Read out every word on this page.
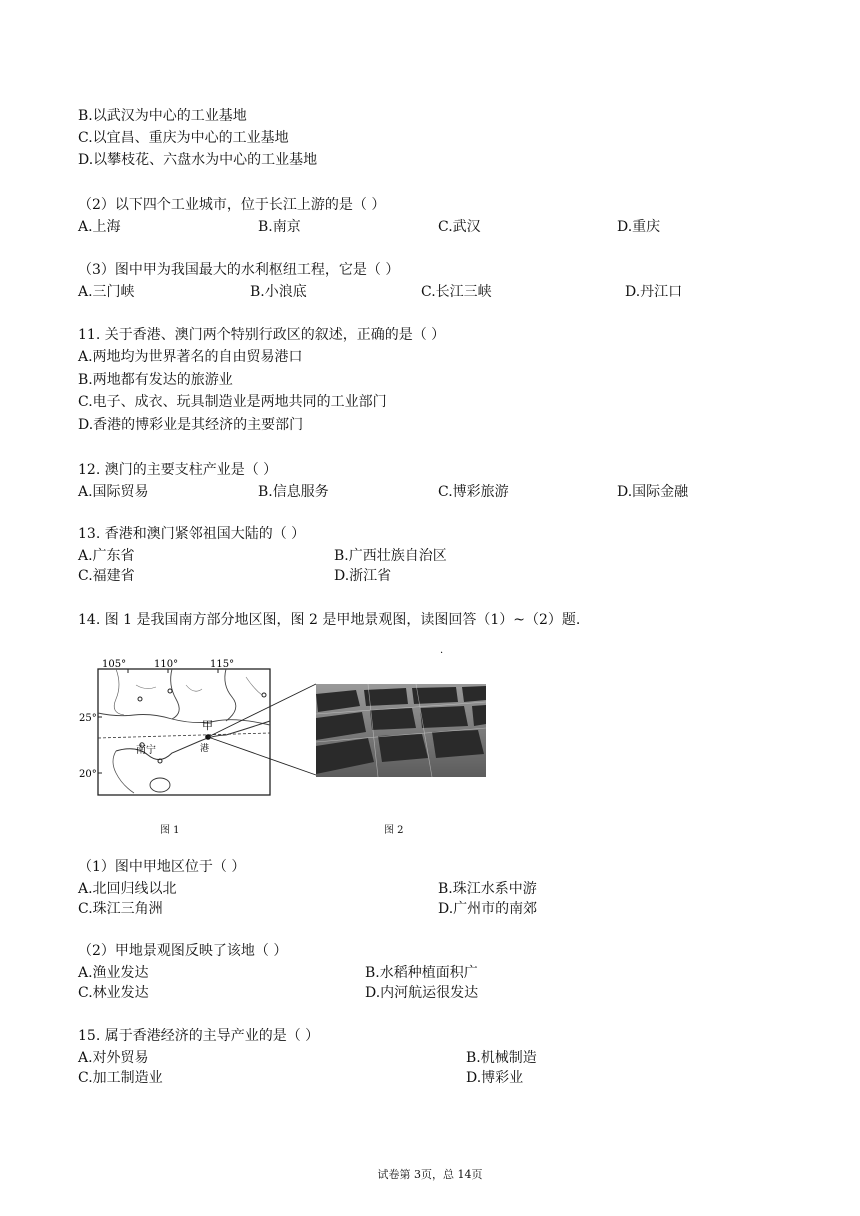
B.以武汉为中心的工业基地
C.以宜昌、重庆为中心的工业基地
D.以攀枝花、六盘水为中心的工业基地
（2）以下四个工业城市，位于长江上游的是（ ）
A.上海	B.南京	C.武汉	D.重庆
（3）图中甲为我国最大的水利枢纽工程，它是（ ）
A.三门峡	B.小浪底	C.长江三峡	D.丹江口
11. 关于香港、澳门两个特别行政区的叙述，正确的是（ ）
A.两地均为世界著名的自由贸易港口
B.两地都有发达的旅游业
C.电子、成衣、玩具制造业是两地共同的工业部门
D.香港的博彩业是其经济的主要部门
12. 澳门的主要支柱产业是（ ）
A.国际贸易	B.信息服务	C.博彩旅游	D.国际金融
13. 香港和澳门紧邻祖国大陆的（ ）
A.广东省	B.广西壮族自治区
C.福建省	D.浙江省
14. 图 1 是我国南方部分地区图，图 2 是甲地景观图，读图回答（1）~（2）题.
·
105°	110°	115°
25°
20°
甲
南宁	港
图 1	图 2
（1）图中甲地区位于（ ）
A.北回归线以北	B.珠江水系中游
C.珠江三角洲	D.广州市的南郊
（2）甲地景观图反映了该地（ ）
A.渔业发达	B.水稻种植面积广
C.林业发达	D.内河航运很发达
15. 属于香港经济的主导产业的是（ ）
A.对外贸易	B.机械制造
C.加工制造业	D.博彩业
试卷第 3页，总 14页
